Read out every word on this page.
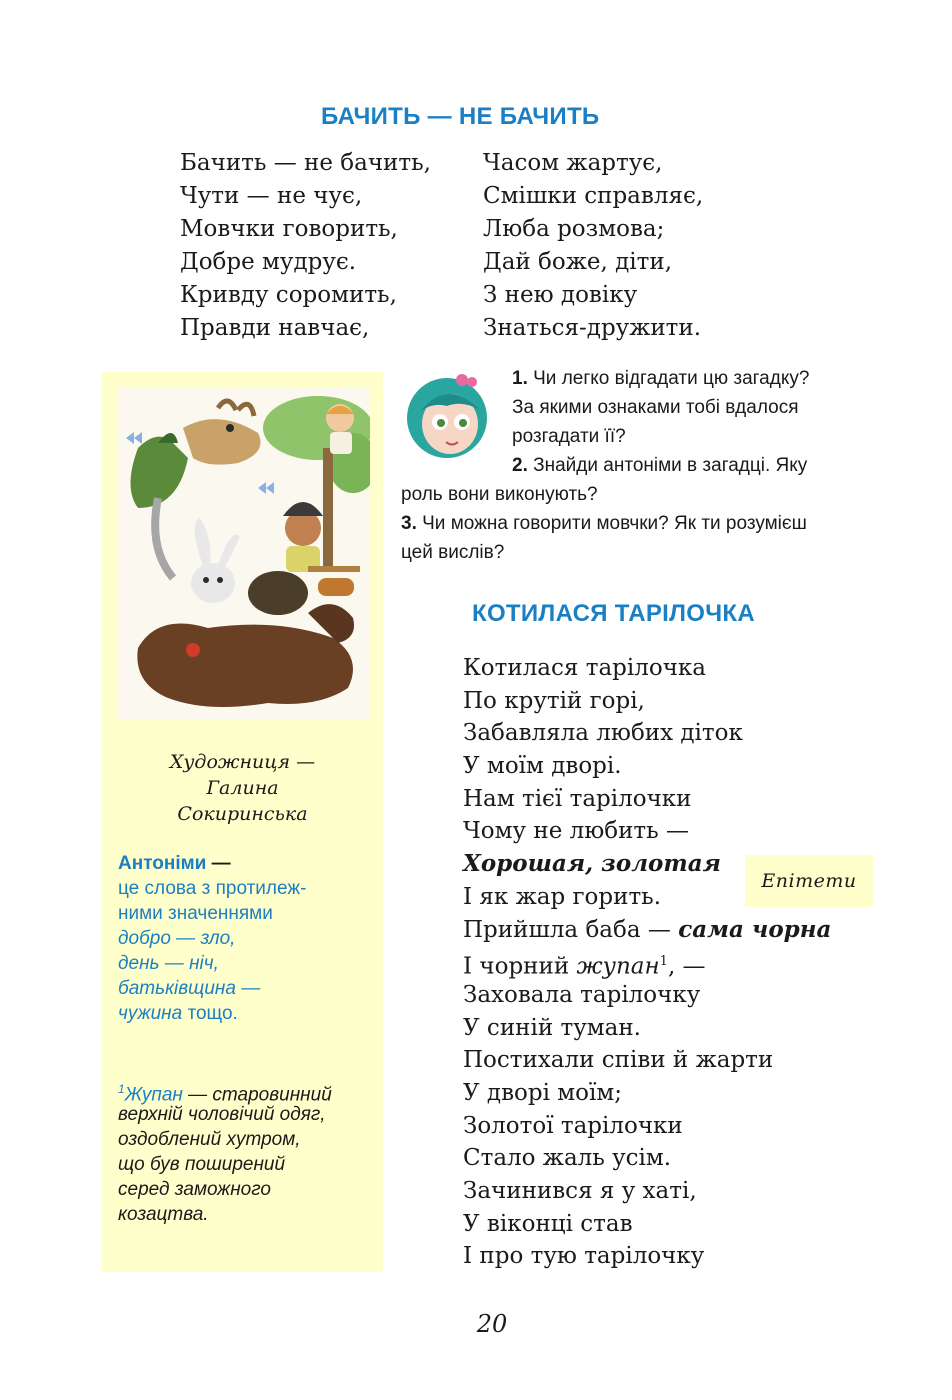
БАЧИТЬ — НЕ БАЧИТЬ
Бачить — не бачить,
Чути — не чує,
Мовчки говорить,
Добре мудрує.
Кривду соромить,
Правди навчає,
Часом жартує,
Смішки справляє,
Люба розмова;
Дай боже, діти,
З нею довіку
Знаться-дружити.
Художниця —
Галина
Сокиринська
Антоніми —
це слова з протилеж-
ними значеннями
добро — зло,
день — ніч,
батьківщина —
чужина тощо.
$^1$Жупан — старовинний
верхній чоловічий одяг,
оздоблений хутром,
що був поширений
серед заможного
козацтва.
1. Чи легко відгадати цю загадку?
За якими ознаками тобі вдалося
розгадати її?
2. Знайди антоніми в загадці. Яку
роль вони виконують?
3. Чи можна говорити мовчки? Як ти розумієш
цей вислів?
КОТИЛАСЯ ТАРІЛОЧКА
Котилася тарілочка
По крутій горі,
Забавляла любих діток
У моїм дворі.
Нам тієї тарілочки
Чому не любить —
Хорошая, золотая
І як жар горить.
Прийшла баба — сама чорна
І чорний жупан$^1$, —
Заховала тарілочку
У синій туман.
Постихали співи й жарти
У дворі моїм;
Золотої тарілочки
Стало жаль усім.
Зачинився я у хаті,
У віконці став
І про тую тарілочку
Епітети
20
